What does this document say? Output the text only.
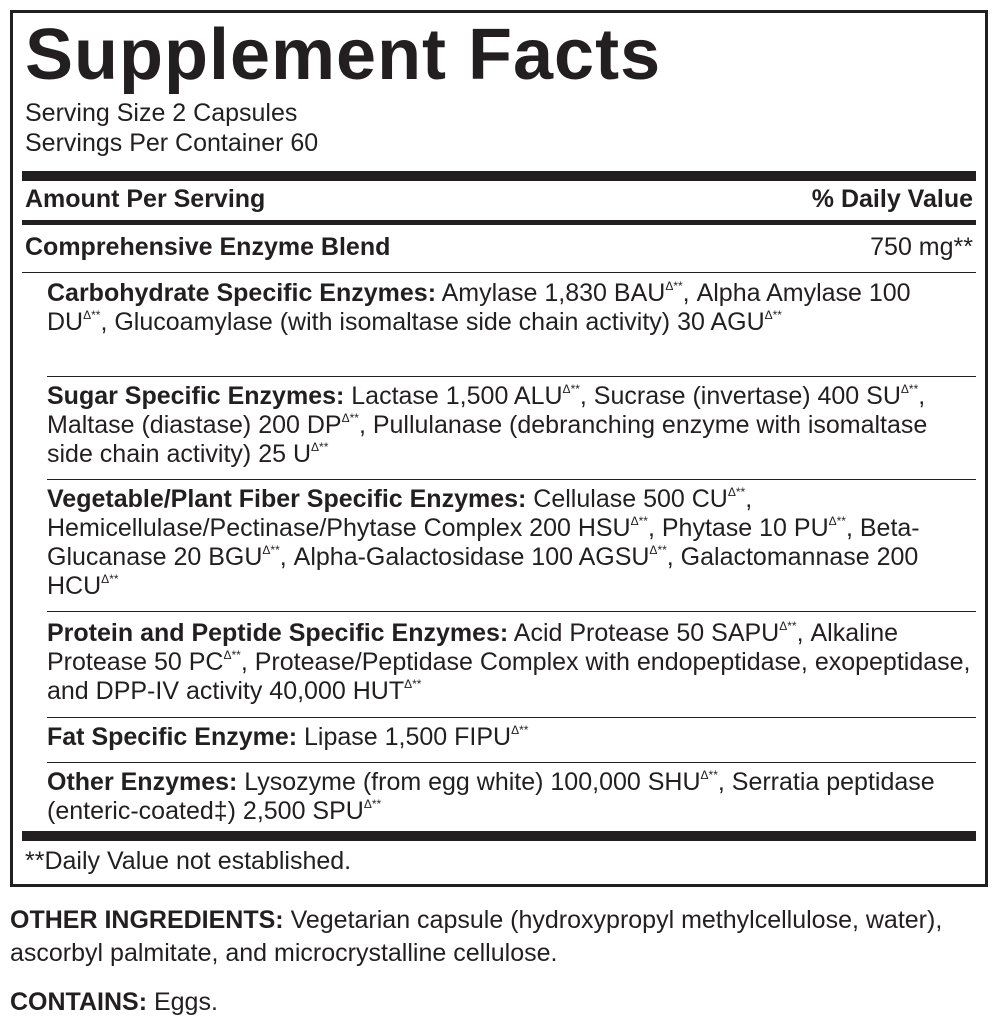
Supplement Facts
Serving Size 2 Capsules
Servings Per Container 60
Amount Per Serving	% Daily Value
Comprehensive Enzyme Blend	750 mg**
Carbohydrate Specific Enzymes: Amylase 1,830 $BAU^{\Delta**}$, Alpha Amylase 100 $DU^{\Delta**}$, Glucoamylase (with isomaltase side chain activity) 30 $AGU^{\Delta**}$
Sugar Specific Enzymes: Lactase 1,500 $ALU^{\Delta**}$, Sucrase (invertase) 400 $SU^{\Delta**}$, Maltase (diastase) 200 $DP^{\Delta**}$, Pullulanase (debranching enzyme with isomaltase side chain activity) 25 $U^{\Delta**}$
Vegetable/Plant Fiber Specific Enzymes: Cellulase 500 $CU^{\Delta**}$, Hemicellulase/Pectinase/Phytase Complex 200 $HSU^{\Delta**}$, Phytase 10 $PU^{\Delta**}$, Beta-Glucanase 20 $BGU^{\Delta**}$, Alpha-Galactosidase 100 $AGSU^{\Delta**}$, Galactomannase 200 $HCU^{\Delta**}$
Protein and Peptide Specific Enzymes: Acid Protease 50 $SAPU^{\Delta**}$, Alkaline Protease 50 $PC^{\Delta**}$, Protease/Peptidase Complex with endopeptidase, exopeptidase, and DPP-IV activity 40,000 $HUT^{\Delta**}$
Fat Specific Enzyme: Lipase 1,500 $FIPU^{\Delta**}$
Other Enzymes: Lysozyme (from egg white) 100,000 $SHU^{\Delta**}$, Serratia peptidase (enteric-coated‡) 2,500 $SPU^{\Delta**}$
**Daily Value not established.
OTHER INGREDIENTS: Vegetarian capsule (hydroxypropyl methylcellulose, water), ascorbyl palmitate, and microcrystalline cellulose.
CONTAINS: Eggs.
